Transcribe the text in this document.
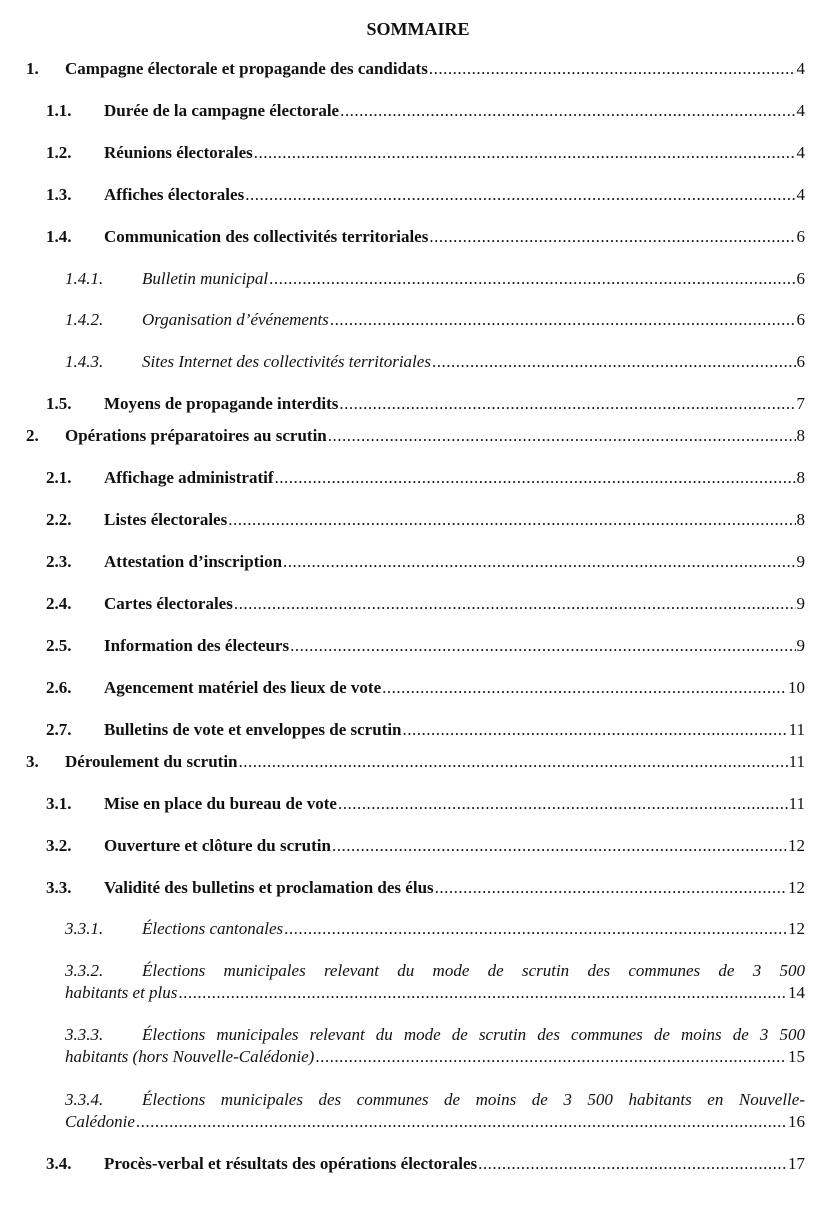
SOMMAIRE
1. Campagne électorale et propagande des candidats .....	4
1.1. Durée de la campagne électorale .....	4
1.2. Réunions électorales .....	4
1.3. Affiches électorales .....	4
1.4. Communication des collectivités territoriales .....	6
1.4.1. Bulletin municipal .....	6
1.4.2. Organisation d’événements .....	6
1.4.3. Sites Internet des collectivités territoriales .....	6
1.5. Moyens de propagande interdits .....	7
2. Opérations préparatoires au scrutin .....	8
2.1. Affichage administratif .....	8
2.2. Listes électorales .....	8
2.3. Attestation d’inscription .....	9
2.4. Cartes électorales .....	9
2.5. Information des électeurs .....	9
2.6. Agencement matériel des lieux de vote .....	10
2.7. Bulletins de vote et enveloppes de scrutin .....	11
3. Déroulement du scrutin .....	11
3.1. Mise en place du bureau de vote .....	11
3.2. Ouverture et clôture du scrutin .....	12
3.3. Validité des bulletins et proclamation des élus .....	12
3.3.1. Élections cantonales .....	12
3.3.2. Élections municipales relevant du mode de scrutin des communes de 3 500
habitants et plus .....	14
3.3.3. Élections municipales relevant du mode de scrutin des communes de moins de 3 500
habitants (hors Nouvelle-Calédonie) .....	15
3.3.4. Élections municipales des communes de moins de 3 500 habitants en Nouvelle-
Calédonie .....	16
3.4. Procès-verbal et résultats des opérations électorales .....	17
